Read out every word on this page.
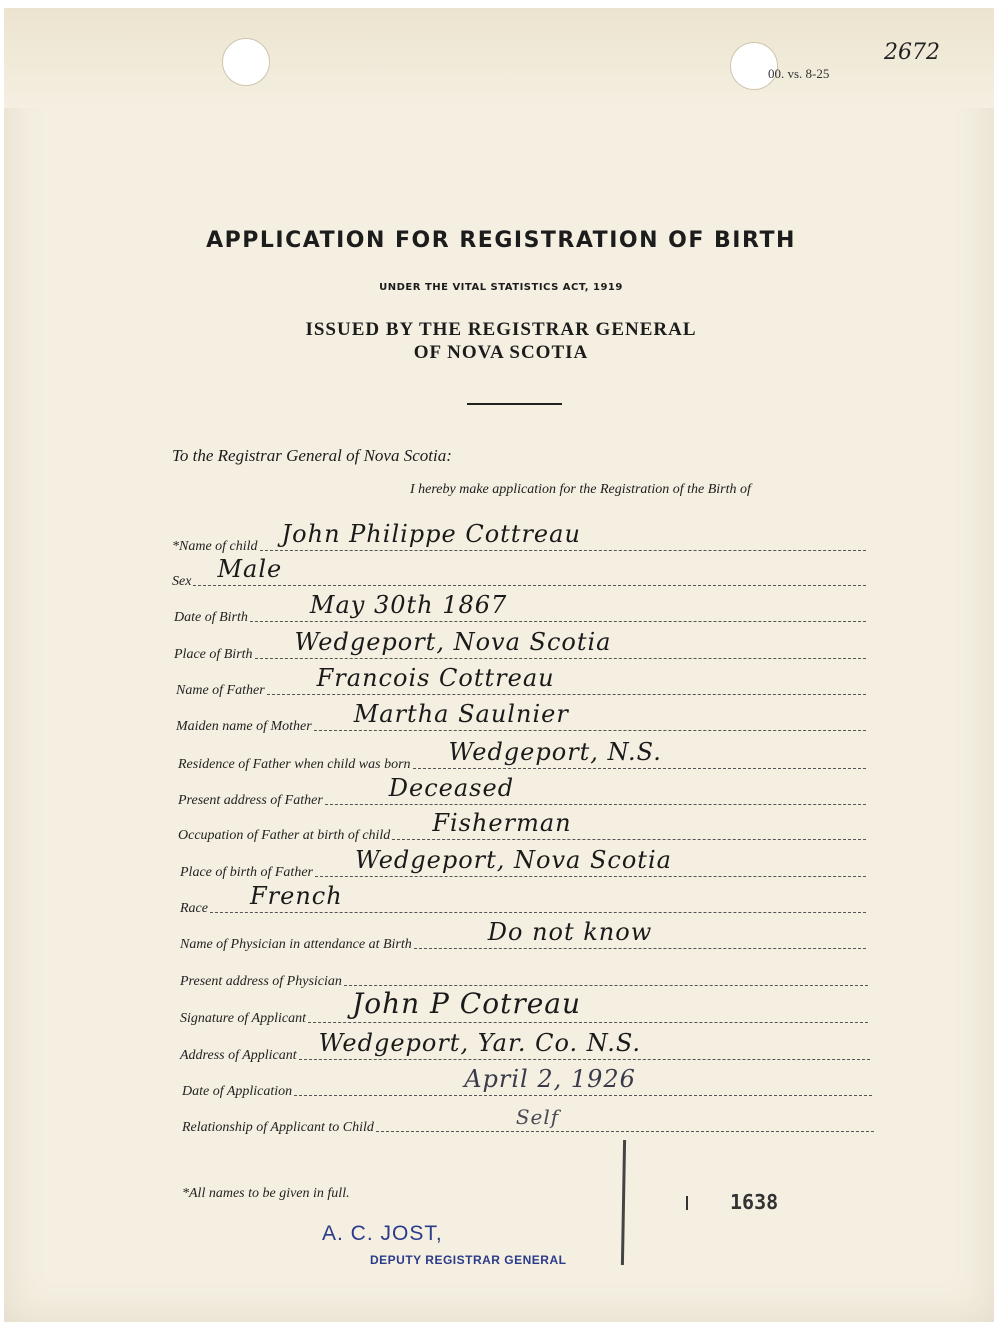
00. vs. 8-25
2672
APPLICATION FOR REGISTRATION OF BIRTH
UNDER THE VITAL STATISTICS ACT, 1919
ISSUED BY THE REGISTRAR GENERAL
OF NOVA SCOTIA
To the Registrar General of Nova Scotia:
I hereby make application for the Registration of the Birth of
*Name of child John Philippe Cottreau
Sex Male
Date of Birth	May 30th 1867
Place of Birth Wedgeport, Nova Scotia
Name of Father Francois Cottreau
Maiden name of Mother Martha Saulnier
Residence of Father when child was born Wedgeport, N.S.
Present address of Father	Deceased
Occupation of Father at birth of child Fisherman
Place of birth of Father Wedgeport, Nova Scotia
Race French
Name of Physician in attendance at Birth	Do not know
Present address of Physician
Signature of Applicant John P Cotreau
Address of Applicant Wedgeport, Yar. Co. N.S.
Date of Application	April 2, 1926
Relationship of Applicant to Child	Self
*All names to be given in full.	1638
A. C. JOST,
DEPUTY REGISTRAR GENERAL
